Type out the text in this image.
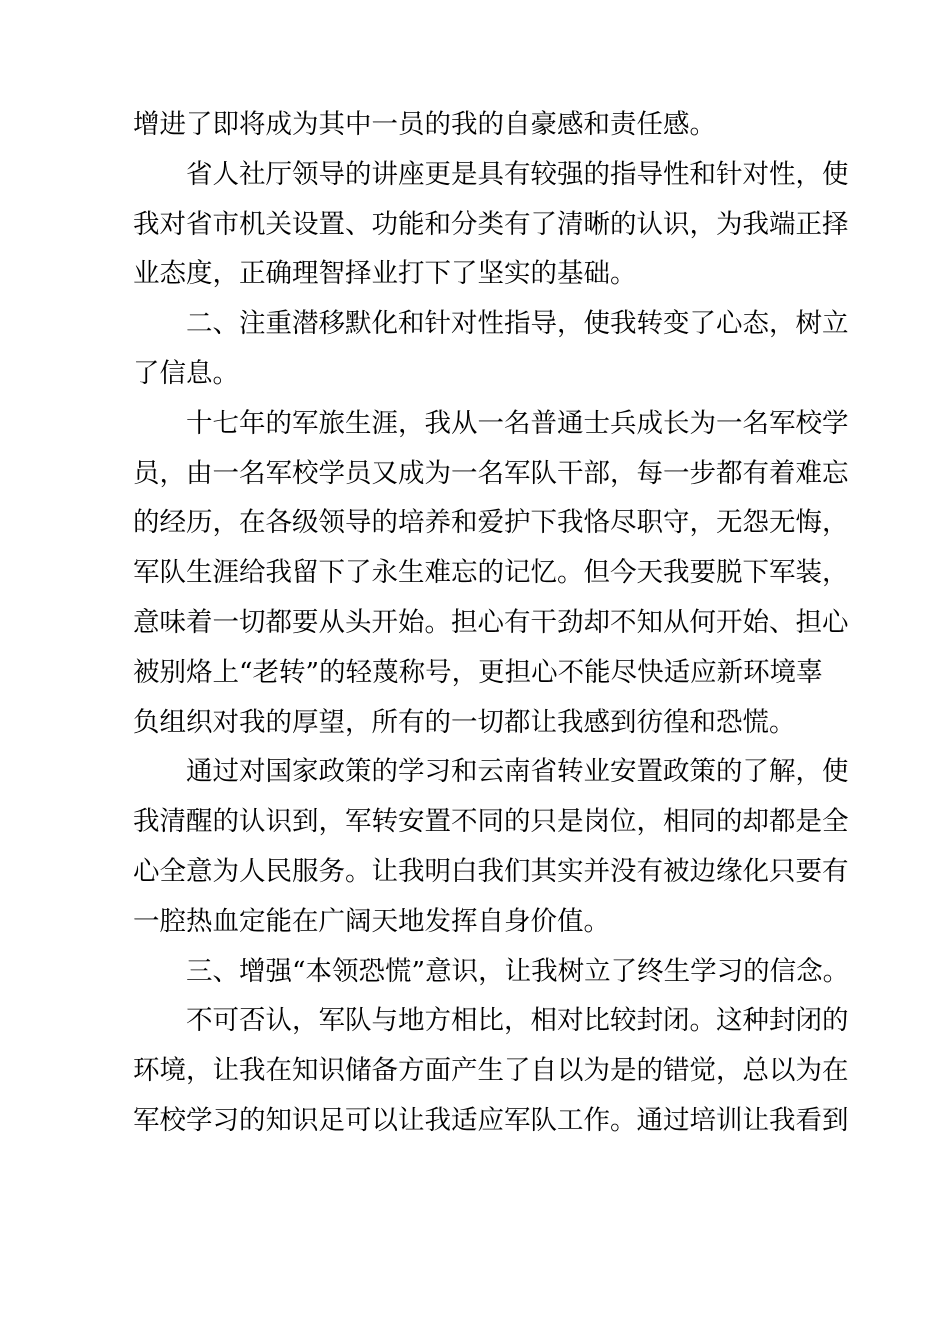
增进了即将成为其中一员的我的自豪感和责任感。
省人社厅领导的讲座更是具有较强的指导性和针对性，使
我对省市机关设置、功能和分类有了清晰的认识，为我端正择
业态度，正确理智择业打下了坚实的基础。
二、注重潜移默化和针对性指导，使我转变了心态，树立
了信息。
十七年的军旅生涯，我从一名普通士兵成长为一名军校学
员，由一名军校学员又成为一名军队干部，每一步都有着难忘
的经历，在各级领导的培养和爱护下我恪尽职守，无怨无悔，
军队生涯给我留下了永生难忘的记忆。但今天我要脱下军装，
意味着一切都要从头开始。担心有干劲却不知从何开始、担心
被别烙上“老转”的轻蔑称号，更担心不能尽快适应新环境辜
负组织对我的厚望，所有的一切都让我感到彷徨和恐慌。
通过对国家政策的学习和云南省转业安置政策的了解，使
我清醒的认识到，军转安置不同的只是岗位，相同的却都是全
心全意为人民服务。让我明白我们其实并没有被边缘化只要有
一腔热血定能在广阔天地发挥自身价值。
三、增强“本领恐慌”意识，让我树立了终生学习的信念。
不可否认，军队与地方相比，相对比较封闭。这种封闭的
环境，让我在知识储备方面产生了自以为是的错觉，总以为在
军校学习的知识足可以让我适应军队工作。通过培训让我看到
